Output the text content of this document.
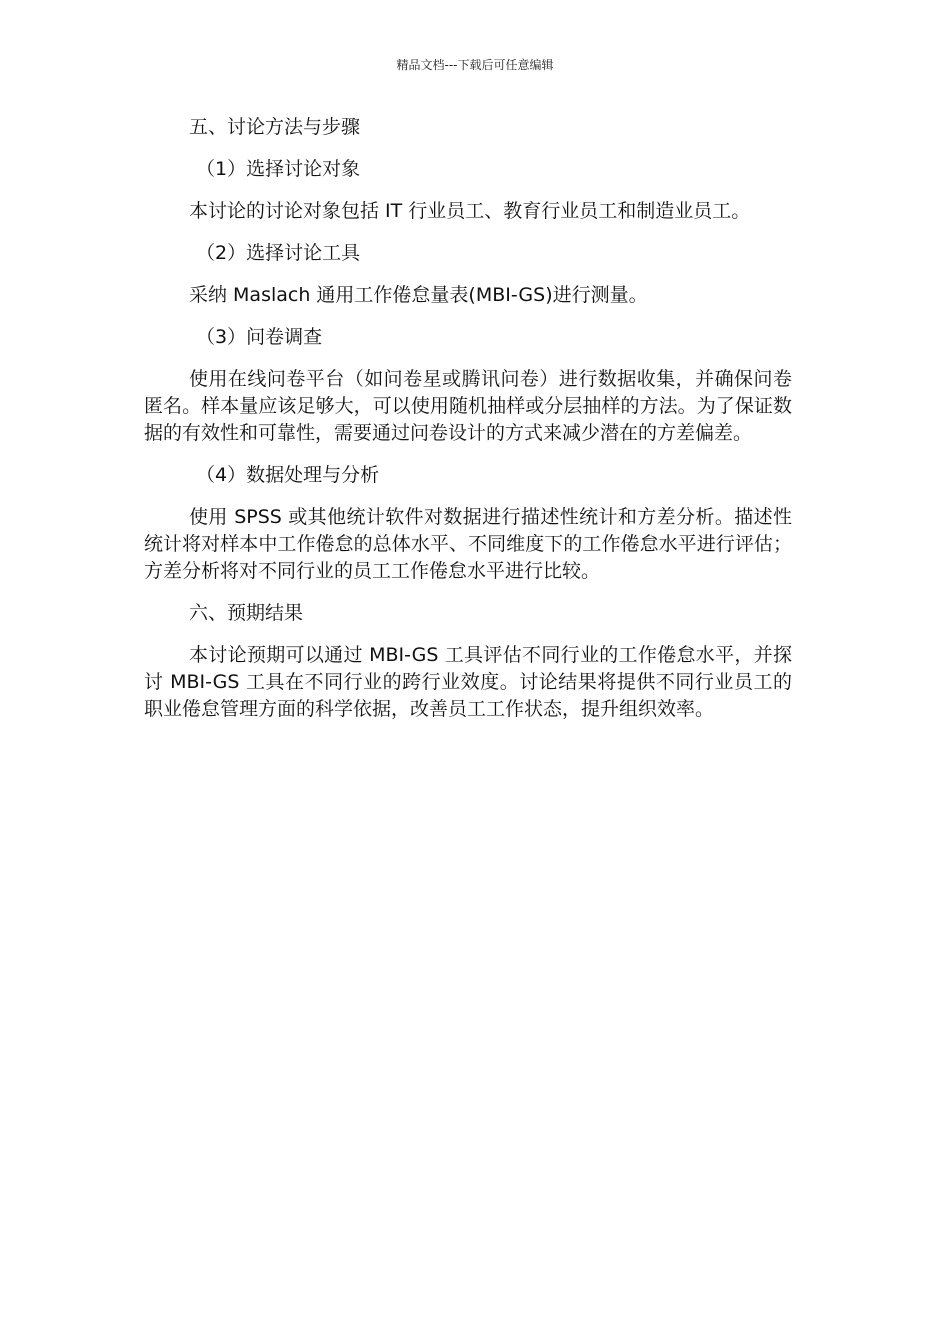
精品文档---下载后可任意编辑

五、讨论方法与步骤

（1）选择讨论对象

本讨论的讨论对象包括 IT 行业员工、教育行业员工和制造业员工。

（2）选择讨论工具

采纳 Maslach 通用工作倦怠量表(MBI-GS)进行测量。

（3）问卷调查

使用在线问卷平台（如问卷星或腾讯问卷）进行数据收集，并确保问卷匿名。样本量应该足够大，可以使用随机抽样或分层抽样的方法。为了保证数据的有效性和可靠性，需要通过问卷设计的方式来减少潜在的方差偏差。

（4）数据处理与分析

使用 SPSS 或其他统计软件对数据进行描述性统计和方差分析。描述性统计将对样本中工作倦怠的总体水平、不同维度下的工作倦怠水平进行评估；方差分析将对不同行业的员工工作倦怠水平进行比较。

六、预期结果

本讨论预期可以通过 MBI-GS 工具评估不同行业的工作倦怠水平，并探讨 MBI-GS 工具在不同行业的跨行业效度。讨论结果将提供不同行业员工的职业倦怠管理方面的科学依据，改善员工工作状态，提升组织效率。
